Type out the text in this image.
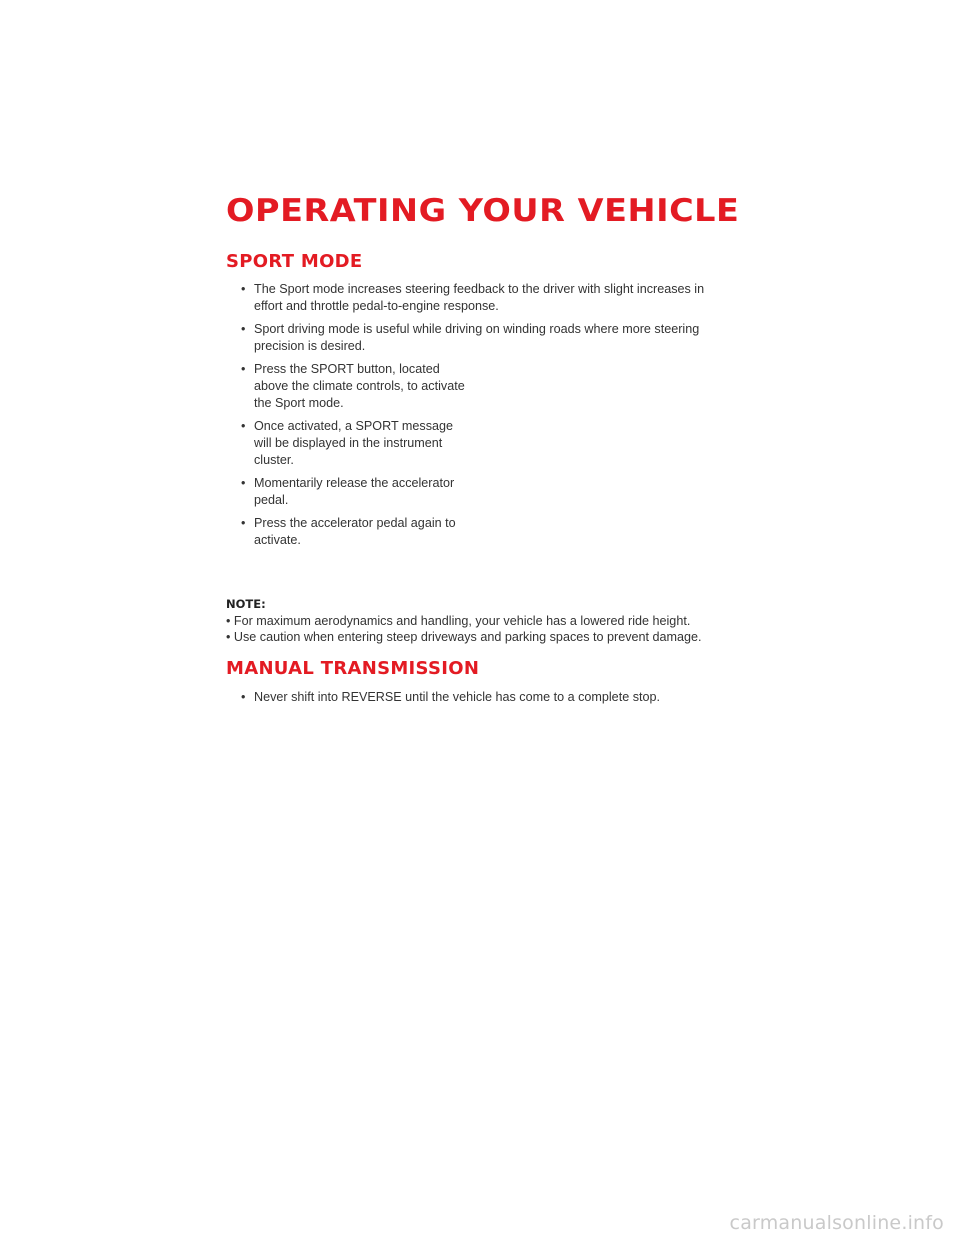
OPERATING YOUR VEHICLE
SPORT MODE
• The Sport mode increases steering feedback to the driver with slight increases in effort and throttle pedal-to-engine response.
• Sport driving mode is useful while driving on winding roads where more steering precision is desired.
• Press the SPORT button, located above the climate controls, to activate the Sport mode.
• Once activated, a SPORT message will be displayed in the instrument cluster.
• Momentarily release the accelerator pedal.
• Press the accelerator pedal again to activate.
NOTE:
• For maximum aerodynamics and handling, your vehicle has a lowered ride height.
• Use caution when entering steep driveways and parking spaces to prevent damage.
MANUAL TRANSMISSION
• Never shift into REVERSE until the vehicle has come to a complete stop.
carmanualsonline.info
